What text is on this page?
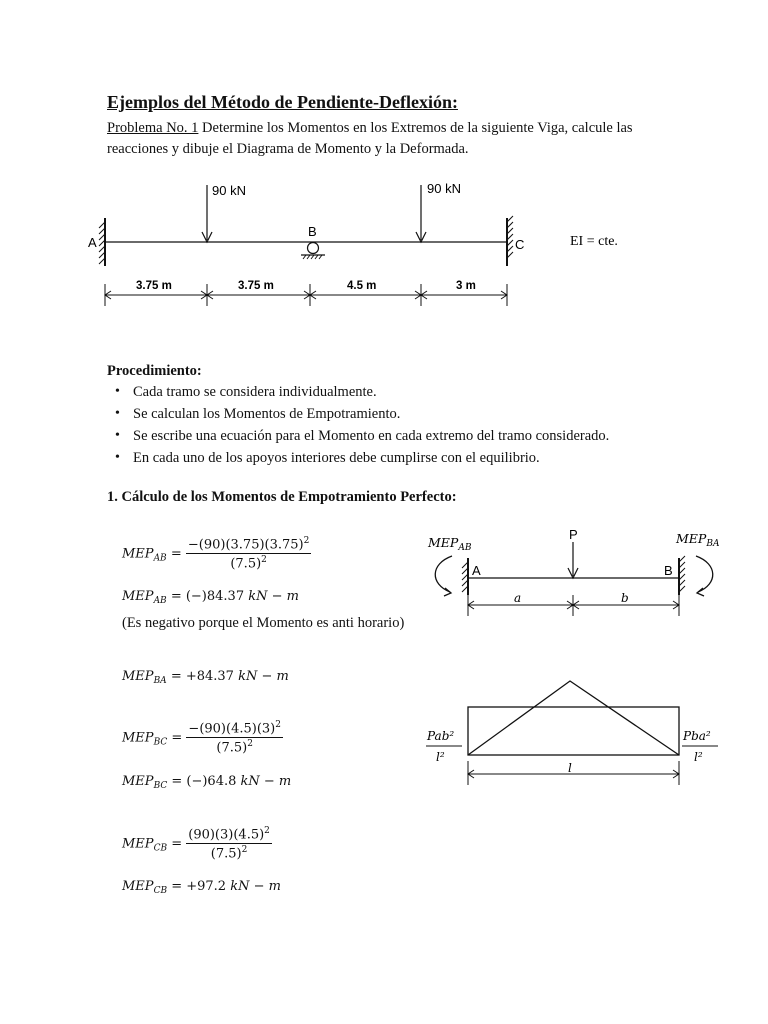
Ejemplos del Método de Pendiente-Deflexión:
Problema No. 1 Determine los Momentos en los Extremos de la siguiente Viga, calcule las reacciones y dibuje el Diagrama de Momento y la Deformada.
90 kN	90 kN
A
B
C	EI = cte.
3.75 m	3.75 m	4.5 m	3 m
Procedimiento:
• Cada tramo se considera individualmente.
• Se calculan los Momentos de Empotramiento.
• Se escribe una ecuación para el Momento en cada extremo del tramo considerado.
• En cada uno de los apoyos interiores debe cumplirse con el equilibrio.
1. Cálculo de los Momentos de Empotramiento Perfecto:
$MEP_{AB} = \frac{-(90)(3.75)(3.75)^2}{(7.5)^2}$
$MEP_{AB} = (-)84.37$ kN − m
(Es negativo porque el Momento es anti horario)
$MEP_{BA} = +84.37$ kN − m
$MEP_{BC} = \frac{-(90)(4.5)(3)^2}{(7.5)^2}$
$MEP_{BC} = (-)64.8$ kN − m
$MEP_{CB} = \frac{(90)(3)(4.5)^2}{(7.5)^2}$
$MEP_{CB} = +97.2$ kN − m
$MEP_{AB}$
$MEP_{BA}$
P
A	B
a	b
Pab²
l²
Pba²
l²
l
